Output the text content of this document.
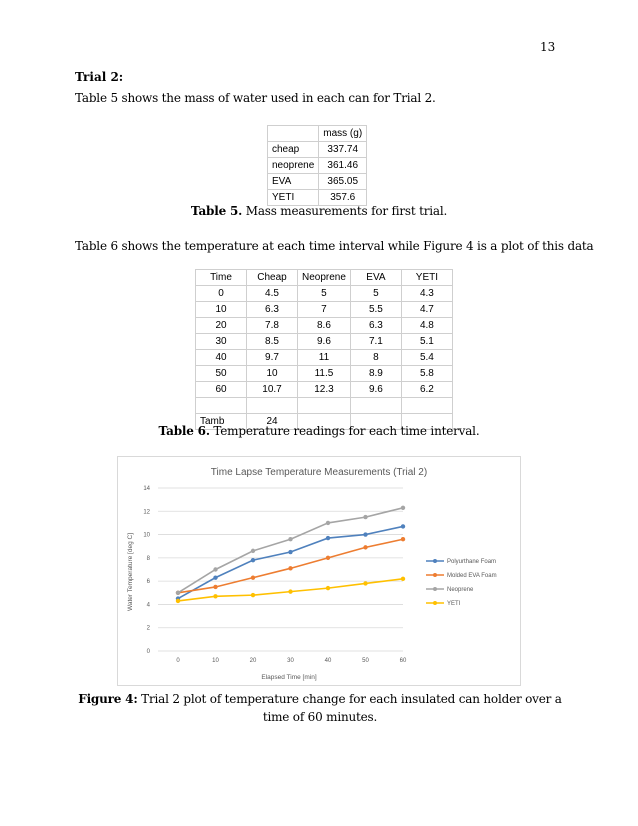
13
Trial 2:
Table 5 shows the mass of water used in each can for Trial 2.
	mass (g)
cheap	337.74
neoprene	361.46
EVA	365.05
YETI	357.6
Table 5. Mass measurements for first trial.
Table 6 shows the temperature at each time interval while Figure 4 is a plot of this data
Time	Cheap	Neoprene	EVA	YETI
0	4.5	5	5	4.3
10	6.3	7	5.5	4.7
20	7.8	8.6	6.3	4.8
30	8.5	9.6	7.1	5.1
40	9.7	11	8	5.4
50	10	11.5	8.9	5.8
60	10.7	12.3	9.6	6.2

Tamb	24			
Table 6. Temperature readings for each time interval.
Time Lapse Temperature Measurements (Trial 2)
Elapsed Time [min]
Water Temperature [deg C]
0
2
4
6
8
10
12
14
0	10	20	30	40	50	60
Polyurthane Foam
Molded EVA Foam
Neoprene
YETI
Figure 4: Trial 2 plot of temperature change for each insulated can holder over a time of 60 minutes.
